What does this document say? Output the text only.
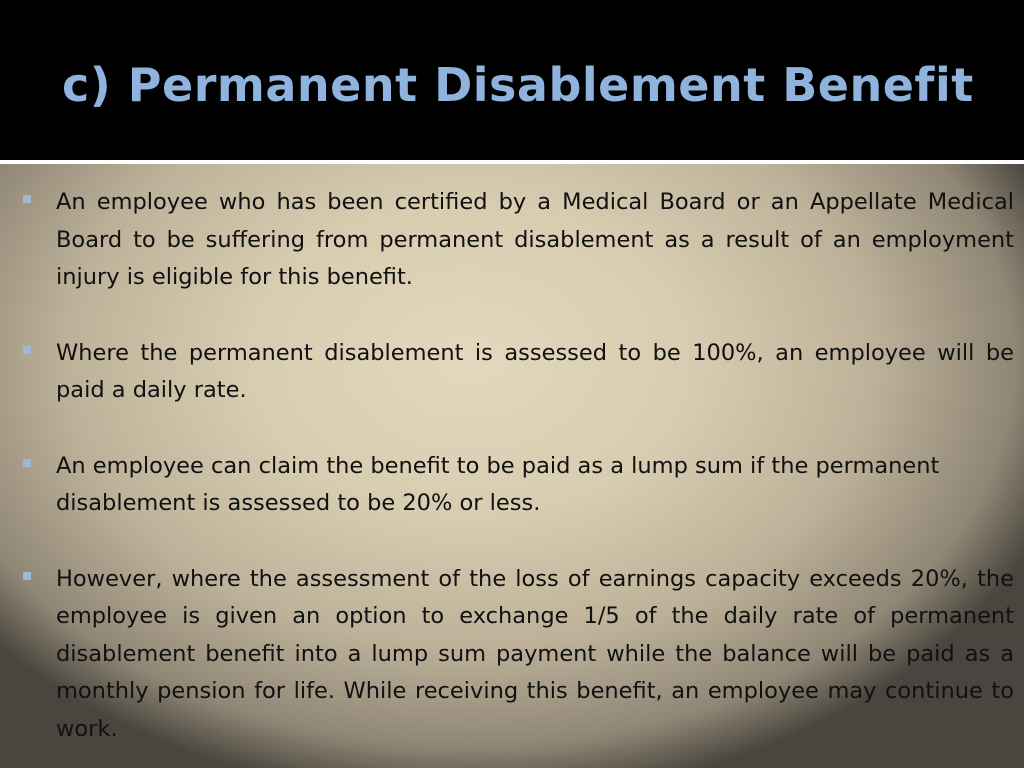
c) Permanent Disablement Benefit
An employee who has been certified by a Medical Board or an Appellate Medical Board to be suffering from permanent disablement as a result of an employment injury is eligible for this benefit.
Where the permanent disablement is assessed to be 100%, an employee will be paid a daily rate.
An employee can claim the benefit to be paid as a lump sum if the permanent disablement is assessed to be 20% or less.
However, where the assessment of the loss of earnings capacity exceeds 20%, the employee is given an option to exchange 1/5 of the daily rate of permanent disablement benefit into a lump sum payment while the balance will be paid as a monthly pension for life. While receiving this benefit, an employee may continue to work.
